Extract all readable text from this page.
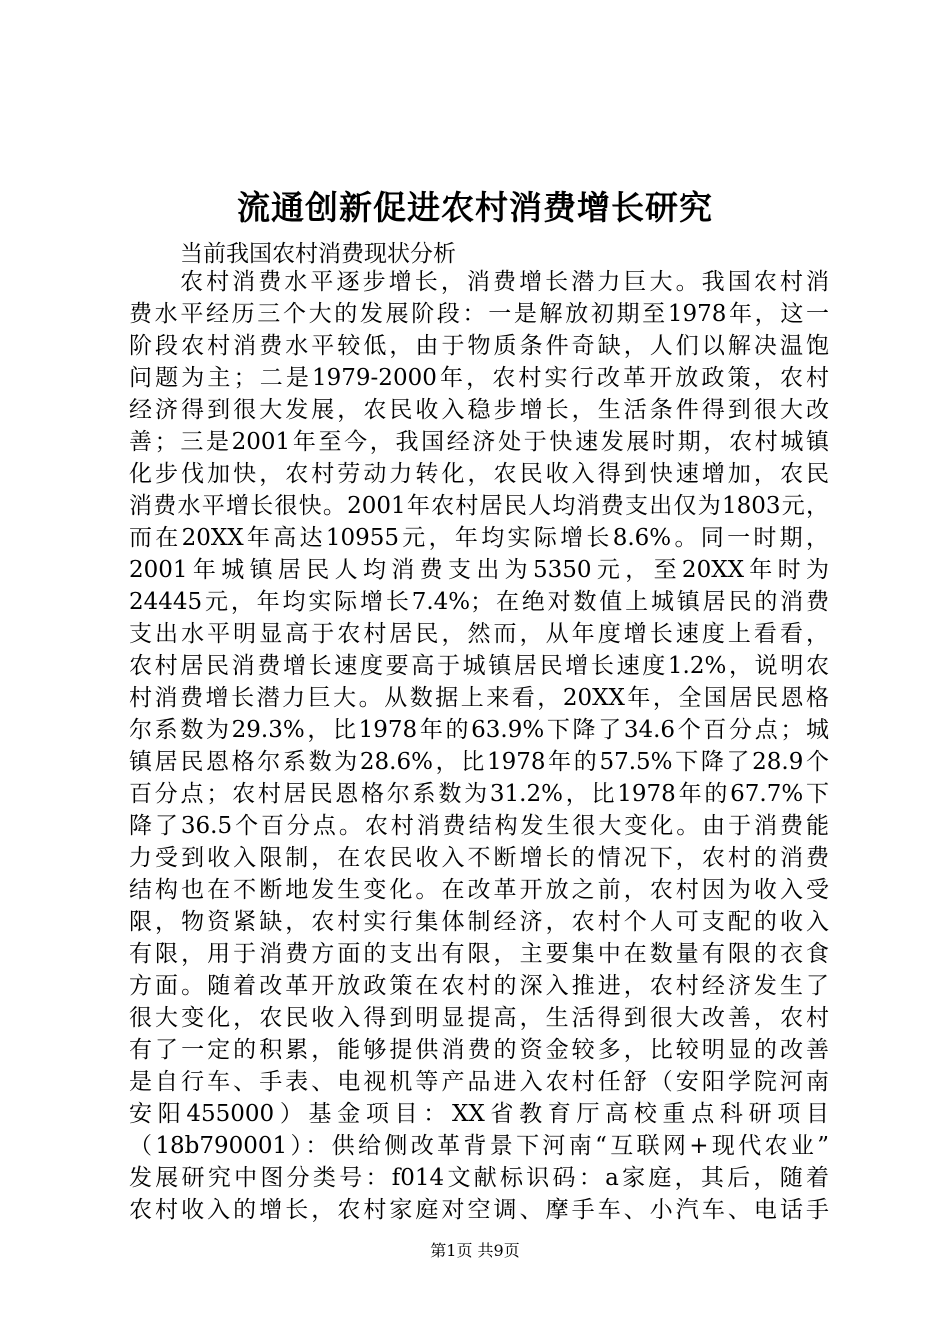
流通创新促进农村消费增长研究
当前我国农村消费现状分析
农村消费水平逐步增长，消费增长潜力巨大。我国农村消
费水平经历三个大的发展阶段：一是解放初期至1978年，这一
阶段农村消费水平较低，由于物质条件奇缺，人们以解决温饱
问题为主；二是1979-2000年，农村实行改革开放政策，农村
经济得到很大发展，农民收入稳步增长，生活条件得到很大改
善；三是2001年至今，我国经济处于快速发展时期，农村城镇
化步伐加快，农村劳动力转化，农民收入得到快速增加，农民
消费水平增长很快。2001年农村居民人均消费支出仅为1803元，
而在20XX年高达10955元，年均实际增长8.6%。同一时期，
2001年城镇居民人均消费支出为5350元，至20XX年时为
24445元，年均实际增长7.4%；在绝对数值上城镇居民的消费
支出水平明显高于农村居民，然而，从年度增长速度上看看，
农村居民消费增长速度要高于城镇居民增长速度1.2%，说明农
村消费增长潜力巨大。从数据上来看，20XX年，全国居民恩格
尔系数为29.3%，比1978年的63.9%下降了34.6个百分点；城
镇居民恩格尔系数为28.6%，比1978年的57.5%下降了28.9个
百分点；农村居民恩格尔系数为31.2%，比1978年的67.7%下
降了36.5个百分点。农村消费结构发生很大变化。由于消费能
力受到收入限制，在农民收入不断增长的情况下，农村的消费
结构也在不断地发生变化。在改革开放之前，农村因为收入受
限，物资紧缺，农村实行集体制经济，农村个人可支配的收入
有限，用于消费方面的支出有限，主要集中在数量有限的衣食
方面。随着改革开放政策在农村的深入推进，农村经济发生了
很大变化，农民收入得到明显提高，生活得到很大改善，农村
有了一定的积累，能够提供消费的资金较多，比较明显的改善
是自行车、手表、电视机等产品进入农村任舒（安阳学院河南
安阳455000）基金项目：XX省教育厅高校重点科研项目
（18b790001）：供给侧改革背景下河南“互联网+现代农业”
发展研究中图分类号：f014文献标识码：a家庭，其后，随着
农村收入的增长，农村家庭对空调、摩手车、小汽车、电话手
第1页 共9页
